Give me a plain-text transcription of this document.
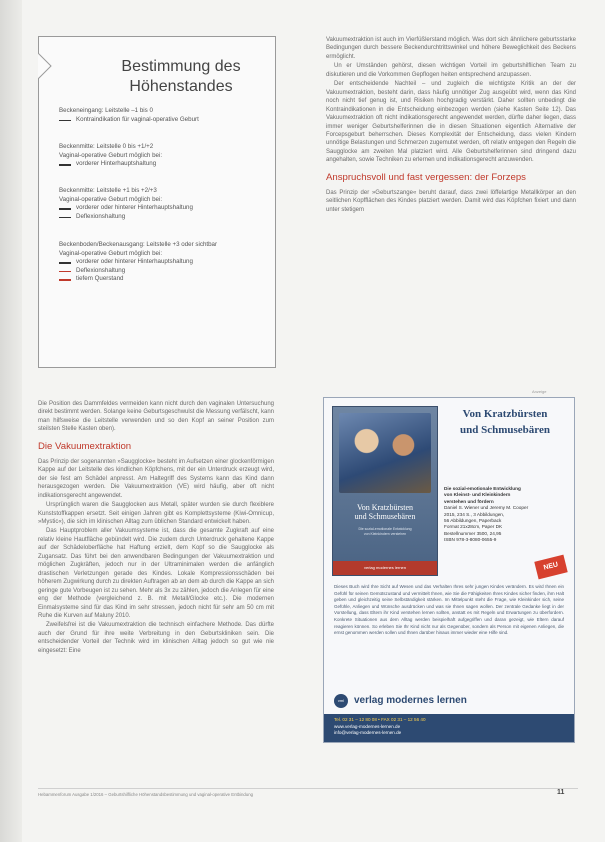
Bestimmung des
Höhenstandes
Beckeneingang: Leitstelle –1 bis 0
Kontraindikation für vaginal-operative Geburt
Beckenmitte: Leitstelle 0 bis +1/+2
Vaginal-operative Geburt möglich bei:
vorderer Hinterhauptshaltung
Beckenmitte: Leitstelle +1 bis +2/+3
Vaginal-operative Geburt möglich bei:
vorderer oder hinterer Hinterhauptshaltung
Deflexionshaltung
Beckenboden/Beckenausgang: Leitstelle +3 oder sichtbar
Vaginal-operative Geburt möglich bei:
vorderer oder hinterer Hinterhauptshaltung
Deflexionshaltung
tiefem Querstand

Vakuumextraktion ist auch im Vierfüßlerstand möglich. Was dort sich ähnlichere geburtsstarke Bedingungen durch bessere Beckendurchtrittswinkel und höhere Beweglichkeit des Beckens ermöglicht.

Un er Umständen gehörst, diesen wichtigen Vorteil im geburtshilflichen Team zu diskutieren und die Vorkommen Gepflogen heiten entsprechend anzupassen.

Der entscheidende Nachteil – und zugleich die wichtigste Kritik an der der Vakuumextraktion, besteht darin, dass häufig unnötiger Zug ausgeübt wird, wenn das Kind noch nicht tief genug ist, und Risiken hochgradig verstärkt. Daher sollten unbedingt die Kontraindikationen in die Entscheidung einbezogen werden (siehe Kasten Seite 12). Das Vakuumextraktion oft nicht indikationsgerecht angewendet werden, dürfte daher liegen, dass immer weniger Geburtshelferinnen die in diesen Situationen eigentlich Alternative der Forcepsgeburt beherrschen. Dieses Komplexität der Entscheidung, dass vielen Kindern unnötige Belastungen und Schmerzen zugemutet werden, oft relativ entgegen den Regeln die Saugglocke am zweiten Mal platziert wird. Alle Geburtshelferinnen sind dringend dazu angehalten, sowie Techniken zu erlernen und indikationsgerecht anzuwenden.

Anspruchsvoll und fast vergessen: der Forzeps

Das Prinzip der »Geburtszange« beruht darauf, dass zwei löffelartige Metallkörper an den seitlichen Kopfflächen des Kindes platziert werden. Damit wird das Köpfchen fixiert und dann unter stetigem

Die Position des Dammfeldes vermeiden kann nicht durch den vaginalen Untersuchung direkt bestimmt werden. Solange keine Geburtsgeschwulst die Messung verfälscht, kann man hilfsweise die Leitstelle verwenden und so den Kopf an seiner Position zum steilsten Stelle Kasten oben).

Die Vakuumextraktion

Das Prinzip der sogenannten »Saugglocke« besteht im Aufsetzen einer glockenförmigen Kappe auf der Leitstelle des kindlichen Köpfchens, mit der ein Unterdruck erzeugt wird, der sie fest am Schädel anpresst. Am Haltegriff des Systems kann das Kind dann herausgezogen werden. Die Vakuumextraktion (VE) wird häufig, aber oft nicht indikationsgerecht angewendet.

Ursprünglich waren die Saugglocken aus Metall, später wurden sie durch flexiblere Kunststoffkappen ersetzt. Seit einigen Jahren gibt es Komplettsysteme (Kiwi-Omnicup, »Mystic«), die sich im klinischen Alltag zum üblichen Standard entwickelt haben.

Das Hauptproblem aller Vakuumsysteme ist, dass die gesamte Zugkraft auf eine relativ kleine Hautfläche gebündelt wird. Die zudem durch Unterdruck gehaltene Kappe auf der Schädeloberfläche hat Haftung erzielt, dem Kopf so die Saugglocke als Zugansatz. Das führt bei den anwendbaren Bedingungen der Vakuumextraktion und möglichen Zugkräften, jedoch nur in der Ultraminimalen werden die anfänglich drastischen Verletzungen gerade des Kindes. Lokale Kompressionsschäden bei höherem Zugwirkung durch zu direkten Auftragen ab an dem ab durch die Kappe an sich geringe gute Vorbeugen ist zu sehen. Mehr als 3x zu zählen, jedoch die Anlegen für eine eng der Methode (vergleichend z. B. mit Metall/Glocke etc.). Die modernen Einmalsysteme sind für das Kind im sehr stressen, jedoch nicht für sehr am 50 cm mit Ruhe die Kurven auf Maluny 2010.

Zweifelsfrei ist die Vakuumextraktion die technisch einfachere Methode. Das dürfte auch der Grund für ihre weite Verbreitung in den Geburtskliniken sein. Die entscheidender Vorteil der Technik wird im klinischen Alltag jedoch so gut wie nie eingesetzt: Eine

Anzeige
Von Kratzbürsten
und Schmusebären
Die sozial-emotionale Entwicklung
von Kleinkindern verstehen
verlag modernes lernen
Von Kratzbürsten
und Schmusebären
Die sozial-emotionale Entwicklung
von Kleinst- und Kleinkindern
verstehen und fördern
Daniel S. Wiener und Jeremy M. Cooper
2015, 234 S., 3 Abbildungen,
56 Abbildungen, Paperback
Format 21x28cm, Paper DK
Bestellnummer 3500, 24,95
ISBN 978-3-8080-0655-9
NEU
Dieses Buch wird Ihre Sicht auf Wesen und das Verhalten Ihres sehr jungen Kindes verändern. Es wird Ihnen ein Gefühl für seinen Gemütszustand und vermittelt Ihnen, wie Sie die Fähigkeiten Ihres Kindes sicher finden, ihm Halt geben und gleichzeitig seine Selbständigkeit stärken. Im Mittelpunkt steht die Frage, wie Kleinkinder sich, seine Gefühle, Anliegen und Wünsche ausdrücken und was sie Ihnen sagen wollen. Der zentrale Gedanke liegt in der Vorstellung, dass Eltern ihr Kind verstehen lernen sollten, anstatt es mit Regeln und Erwartungen zu überfordern. Konkrete Situationen aus dem Alltag werden beispielhaft aufgegriffen und daran gezeigt, wie Eltern darauf reagieren können. So erleben Sie Ihr Kind nicht nur als Gegenüber, sondern als Person mit eigenen Anliegen, die ernst genommen werden sollen und Ihnen darüber hinaus immer wieder eine Hilfe sind.
vml verlag modernes lernen
Tel. 02 31 – 12 80 08 • FAX 02 31 – 12 56 40
www.verlag-modernes-lernen.de
info@verlag-modernes-lernen.de
Hebammenforum Ausgabe 1/2016 – Geburtshilfliche Höhenstandsbestimmung und vaginal-operative Entbindung	11
